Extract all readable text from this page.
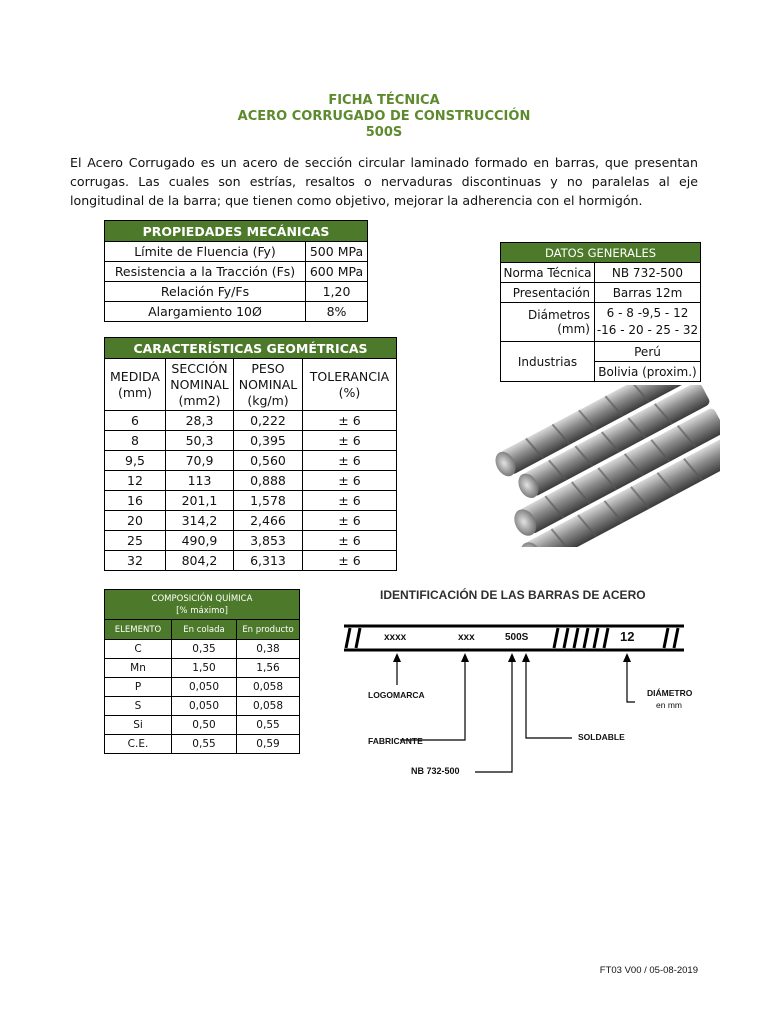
FICHA TÉCNICA
ACERO CORRUGADO DE CONSTRUCCIÓN
500S
El Acero Corrugado es un acero de sección circular laminado formado en barras, que presentan corrugas. Las cuales son estrías, resaltos o nervaduras discontinuas y no paralelas al eje longitudinal de la barra; que tienen como objetivo, mejorar la adherencia con el hormigón.
PROPIEDADES MECÁNICAS	
Límite de Fluencia (Fy)	500 MPa
Resistencia a la Tracción (Fs)	600 MPa
Relación Fy/Fs	1,20
Alargamiento 10Ø	8%
DATOS GENERALES	
Norma Técnica	NB 732-500
Presentación	Barras 12m
Diámetros (mm)	6 - 8 -9,5 - 12 -16 - 20 - 25 - 32
Industrias	Perú
	Bolivia (proxim.)
CARACTERÍSTICAS GEOMÉTRICAS			
MEDIDA (mm)	SECCIÓN NOMINAL (mm2)	PESO NOMINAL (kg/m)	TOLERANCIA (%)
6	28,3	0,222	± 6
8	50,3	0,395	± 6
9,5	70,9	0,560	± 6
12	113	0,888	± 6
16	201,1	1,578	± 6
20	314,2	2,466	± 6
25	490,9	3,853	± 6
32	804,2	6,313	± 6
COMPOSICIÓN QUÍMICA
[% máximo]		

ELEMENTO	En colada	En producto
C	0,35	0,38
Mn	1,50	1,56
P	0,050	0,058
S	0,050	0,058
Si	0,50	0,55
C.E.	0,55	0,59
IDENTIFICACIÓN DE LAS BARRAS DE ACERO
xxxx	xxx	500S	12
LOGOMARCA
FABRICANTE
NB 732-500
SOLDABLE
DIÁMETRO
en mm
FT03 V00 / 05-08-2019
